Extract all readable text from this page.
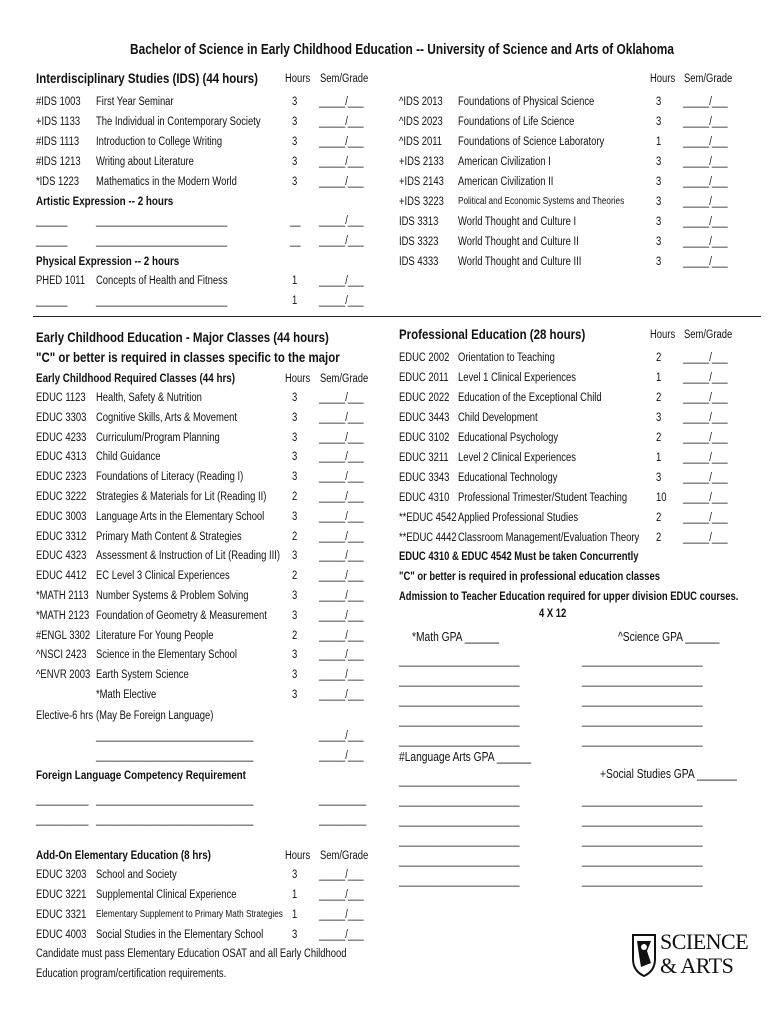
Bachelor of Science in Early Childhood Education -- University of Science and Arts of Oklahoma
Interdisciplinary Studies (IDS) (44 hours) Hours Sem/Grade	Hours Sem/Grade
Artistic Expression -- 2 hours
Physical Expression -- 2 hours
Early Childhood Education - Major Classes (44 hours)
"C" or better is required in classes specific to the major
Early Childhood Required Classes (44 hrs)	Hours Sem/Grade
Elective-6 hrs (May Be Foreign Language)
______________________________	_____/___
______________________________	_____/___
Foreign Language Competency Requirement
__________ ______________________________	_________
__________ ______________________________	_________
Add-On Elementary Education (8 hrs)	Hours Sem/Grade
Candidate must pass Elementary Education OSAT and all Early Childhood
Education program/certification requirements.
Professional Education (28 hours)	Hours Sem/Grade
EDUC 4310 & EDUC 4542 Must be taken Concurrently
"C" or better is required in professional education classes
Admission to Teacher Education required for upper division EDUC courses.
4 X 12
*Math GPA ______	^Science GPA ______
#Language Arts GPA ______
+Social Studies GPA _______
_______________________	_______________________
_______________________	_______________________
_______________________	_______________________
_______________________	_______________________
_______________________	_______________________
_______________________	_______________________
_______________________	_______________________
_______________________	_______________________
_______________________	_______________________
_______________________	_______________________
_______________________
#IDS 1003 First Year Seminar	3 _____/___
+IDS 1133 The Individual in Contemporary Society	3 _____/___
#IDS 1113 Introduction to College Writing	3 _____/___
#IDS 1213 Writing about Literature	3 _____/___
*IDS 1223 Mathematics in the Modern World	3 _____/___
______ _________________________	__ _____/___
______ _________________________	__ _____/___
PHED 1011 Concepts of Health and Fitness	1 _____/___
______ _________________________	1 _____/___
^IDS 2013 Foundations of Physical Science	3 _____/___
^IDS 2023 Foundations of Life Science	3 _____/___
^IDS 2011 Foundations of Science Laboratory	1 _____/___
+IDS 2133 American Civilization I	3 _____/___
+IDS 2143 American Civilization II	3 _____/___
+IDS 3223 Political and Economic Systems and Theories	3 _____/___
IDS 3313 World Thought and Culture I	3 _____/___
IDS 3323 World Thought and Culture II	3 _____/___
IDS 4333 World Thought and Culture III	3 _____/___
EDUC 1123 Health, Safety & Nutrition	3 _____/___
EDUC 3303 Cognitive Skills, Arts & Movement	3 _____/___
EDUC 4233 Curriculum/Program Planning	3 _____/___
EDUC 4313 Child Guidance	3 _____/___
EDUC 2323 Foundations of Literacy (Reading I)	3 _____/___
EDUC 3222 Strategies & Materials for Lit (Reading II) 2 _____/___
EDUC 3003 Language Arts in the Elementary School 3 _____/___
EDUC 3312 Primary Math Content & Strategies	2 _____/___
EDUC 4323 Assessment & Instruction of Lit (Reading III) 3 _____/___
EDUC 4412 EC Level 3 Clinical Experiences	2 _____/___
*MATH 2113 Number Systems & Problem Solving	3 _____/___
*MATH 2123 Foundation of Geometry & Measurement 3 _____/___
#ENGL 3302 Literature For Young People	2 _____/___
^NSCI 2423 Science in the Elementary School	3 _____/___
^ENVR 2003 Earth System Science	3 _____/___
*Math Elective	3 _____/___
EDUC 3203 School and Society	3 _____/___
EDUC 3221 Supplemental Clinical Experience	1 _____/___
EDUC 3321 Elementary Supplement to Primary Math Strategies 1 _____/___
EDUC 4003 Social Studies in the Elementary School	3 _____/___
EDUC 2002 Orientation to Teaching	2 _____/___
EDUC 2011 Level 1 Clinical Experiences	1 _____/___
EDUC 2022 Education of the Exceptional Child	2 _____/___
EDUC 3443 Child Development	3 _____/___
EDUC 3102 Educational Psychology	2 _____/___
EDUC 3211 Level 2 Clinical Experiences	1 _____/___
EDUC 3343 Educational Technology	3 _____/___
EDUC 4310 Professional Trimester/Student Teaching	10 _____/___
**EDUC 4542 Applied Professional Studies	2 _____/___
**EDUC 4442 Classroom Management/Evaluation Theory 2 _____/___
SCIENCE
& ARTS
